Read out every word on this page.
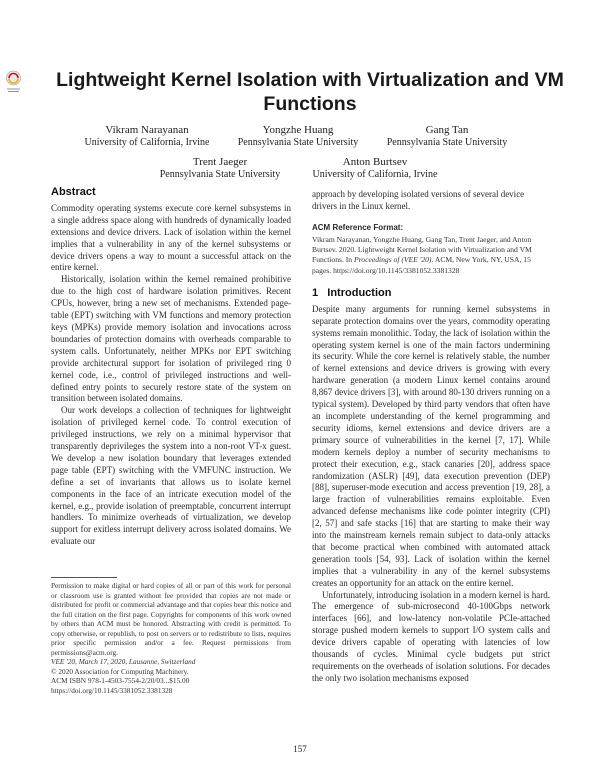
Lightweight Kernel Isolation with Virtualization and VM Functions
Vikram Narayanan
University of California, Irvine
Yongzhe Huang
Pennsylvania State University
Gang Tan
Pennsylvania State University
Trent Jaeger
Pennsylvania State University
Anton Burtsev
University of California, Irvine
Abstract

Commodity operating systems execute core kernel subsystems in a single address space along with hundreds of dynamically loaded extensions and device drivers. Lack of isolation within the kernel implies that a vulnerability in any of the kernel subsystems or device drivers opens a way to mount a successful attack on the entire kernel.

Historically, isolation within the kernel remained prohibitive due to the high cost of hardware isolation primitives. Recent CPUs, however, bring a new set of mechanisms. Extended page-table (EPT) switching with VM functions and memory protection keys (MPKs) provide memory isolation and invocations across boundaries of protection domains with overheads comparable to system calls. Unfortunately, neither MPKs nor EPT switching provide architectural support for isolation of privileged ring 0 kernel code, i.e., control of privileged instructions and well-defined entry points to securely restore state of the system on transition between isolated domains.

Our work develops a collection of techniques for lightweight isolation of privileged kernel code. To control execution of privileged instructions, we rely on a minimal hypervisor that transparently deprivileges the system into a non-root VT-x guest. We develop a new isolation boundary that leverages extended page table (EPT) switching with the VMFUNC instruction. We define a set of invariants that allows us to isolate kernel components in the face of an intricate execution model of the kernel, e.g., provide isolation of preemptable, concurrent interrupt handlers. To minimize overheads of virtualization, we develop support for exitless interrupt delivery across isolated domains. We evaluate our

Permission to make digital or hard copies of all or part of this work for personal or classroom use is granted without fee provided that copies are not made or distributed for profit or commercial advantage and that copies bear this notice and the full citation on the first page. Copyrights for components of this work owned by others than ACM must be honored. Abstracting with credit is permitted. To copy otherwise, or republish, to post on servers or to redistribute to lists, requires prior specific permission and/or a fee. Request permissions from permissions@acm.org.

VEE '20, March 17, 2020, Lausanne, Switzerland

© 2020 Association for Computing Machinery.

ACM ISBN 978-1-4503-7554-2/20/03...$15.00

https://doi.org/10.1145/3381052.3381328

approach by developing isolated versions of several device drivers in the Linux kernel.

ACM Reference Format:

Vikram Narayanan, Yongzhe Huang, Gang Tan, Trent Jaeger, and Anton Burtsev. 2020. Lightweight Kernel Isolation with Virtualization and VM Functions. In Proceedings of (VEE '20). ACM, New York, NY, USA, 15 pages. https://doi.org/10.1145/3381052.3381328

1   Introduction

Despite many arguments for running kernel subsystems in separate protection domains over the years, commodity operating systems remain monolithic. Today, the lack of isolation within the operating system kernel is one of the main factors undermining its security. While the core kernel is relatively stable, the number of kernel extensions and device drivers is growing with every hardware generation (a modern Linux kernel contains around 8,867 device drivers [3], with around 80-130 drivers running on a typical system). Developed by third party vendors that often have an incomplete understanding of the kernel programming and security idioms, kernel extensions and device drivers are a primary source of vulnerabilities in the kernel [7, 17]. While modern kernels deploy a number of security mechanisms to protect their execution, e.g., stack canaries [20], address space randomization (ASLR) [49], data execution prevention (DEP) [88], superuser-mode execution and access prevention [19, 28], a large fraction of vulnerabilities remains exploitable. Even advanced defense mechanisms like code pointer integrity (CPI) [2, 57] and safe stacks [16] that are starting to make their way into the mainstream kernels remain subject to data-only attacks that become practical when combined with automated attack generation tools [54, 93]. Lack of isolation within the kernel implies that a vulnerability in any of the kernel subsystems creates an opportunity for an attack on the entire kernel.

Unfortunately, introducing isolation in a modern kernel is hard. The emergence of sub-microsecond 40-100Gbps network interfaces [66], and low-latency non-volatile PCIe-attached storage pushed modern kernels to support I/O system calls and device drivers capable of operating with latencies of low thousands of cycles. Minimal cycle budgets put strict requirements on the overheads of isolation solutions. For decades the only two isolation mechanisms exposed

157
